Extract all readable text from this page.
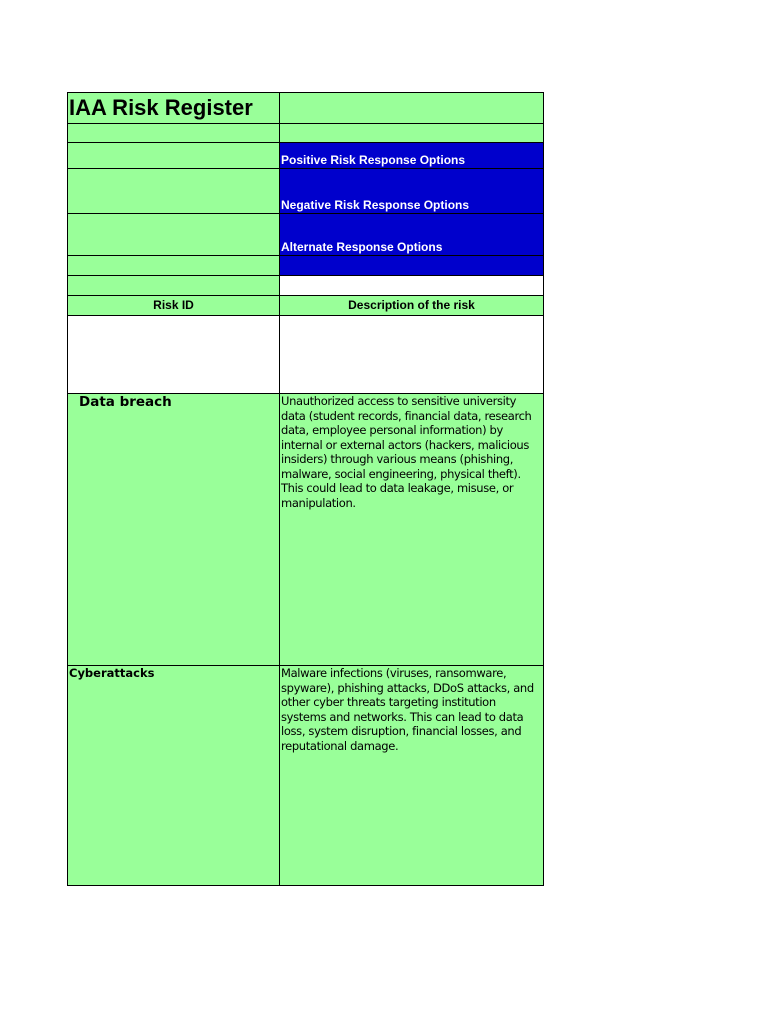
IAA Risk Register
Positive Risk Response Options
Negative Risk Response Options
Alternate Response Options
Risk ID	Description of the risk
Data breach	Unauthorized access to sensitive university data (student records, financial data, research data, employee personal information) by internal or external actors (hackers, malicious insiders) through various means (phishing, malware, social engineering, physical theft). This could lead to data leakage, misuse, or manipulation.
Cyberattacks	Malware infections (viruses, ransomware, spyware), phishing attacks, DDoS attacks, and other cyber threats targeting institution systems and networks. This can lead to data loss, system disruption, financial losses, and reputational damage.
